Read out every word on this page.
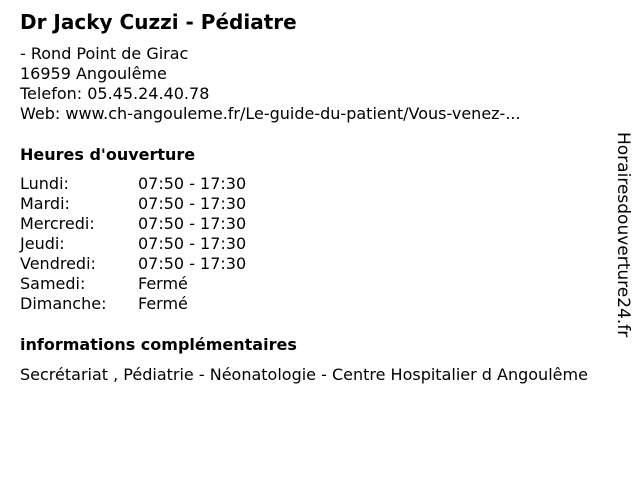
Dr Jacky Cuzzi - Pédiatre
- Rond Point de Girac
16959 Angoulême
Telefon: 05.45.24.40.78
Web: www.ch-angouleme.fr/Le-guide-du-patient/Vous-venez-...
Heures d'ouverture
Lundi:	07:50 - 17:30
Mardi:	07:50 - 17:30
Mercredi:	07:50 - 17:30
Jeudi:	07:50 - 17:30
Vendredi:	07:50 - 17:30
Samedi:	Fermé
Dimanche:	Fermé
informations complémentaires
Secrétariat , Pédiatrie - Néonatologie - Centre Hospitalier d Angoulême
Horairesdouverture24.fr
